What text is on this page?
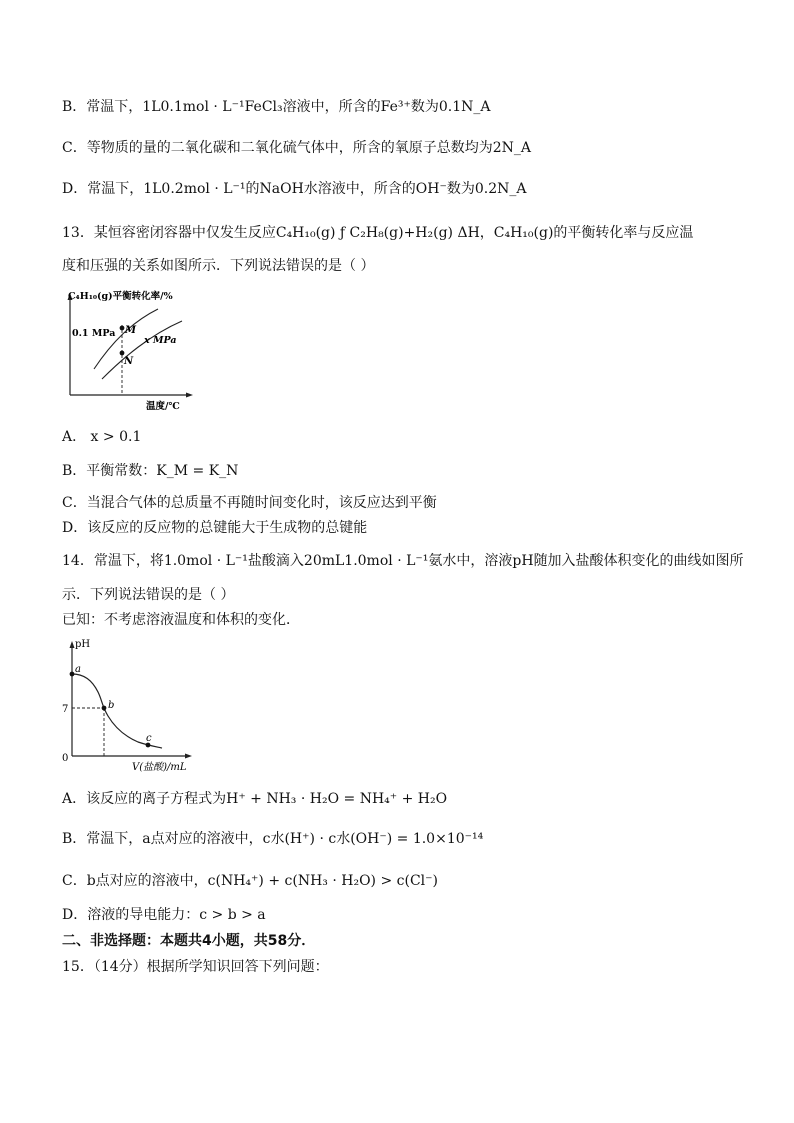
B．常温下，1L0.1mol · L⁻¹FeCl₃溶液中，所含的Fe³⁺数为0.1N_A
C．等物质的量的二氧化碳和二氧化硫气体中，所含的氧原子总数均为2N_A
D．常温下，1L0.2mol · L⁻¹的NaOH水溶液中，所含的OH⁻数为0.2N_A
13．某恒容密闭容器中仅发生反应C₄H₁₀(g) ƒ C₂H₈(g)+H₂(g) ΔH，C₄H₁₀(g)的平衡转化率与反应温
度和压强的关系如图所示．下列说法错误的是（ ）
C₄H₁₀(g)平衡转化率/%
温度/℃
M
N
0.1 MPa
x MPa
A． x > 0.1
B．平衡常数：K_M = K_N
C．当混合气体的总质量不再随时间变化时，该反应达到平衡
D．该反应的反应物的总键能大于生成物的总键能
14．常温下，将1.0mol · L⁻¹盐酸滴入20mL1.0mol · L⁻¹氨水中，溶液pH随加入盐酸体积变化的曲线如图所
示．下列说法错误的是（ ）
已知：不考虑溶液温度和体积的变化．
pH
V(盐酸)/mL
7
0
a
b
c
A．该反应的离子方程式为H⁺ + NH₃ · H₂O = NH₄⁺ + H₂O
B．常温下，a点对应的溶液中，c水(H⁺) · c水(OH⁻) = 1.0×10⁻¹⁴
C．b点对应的溶液中，c(NH₄⁺) + c(NH₃ · H₂O) > c(Cl⁻)
D．溶液的导电能力：c > b > a
二、非选择题：本题共4小题，共58分．
15．（14分）根据所学知识回答下列问题：
